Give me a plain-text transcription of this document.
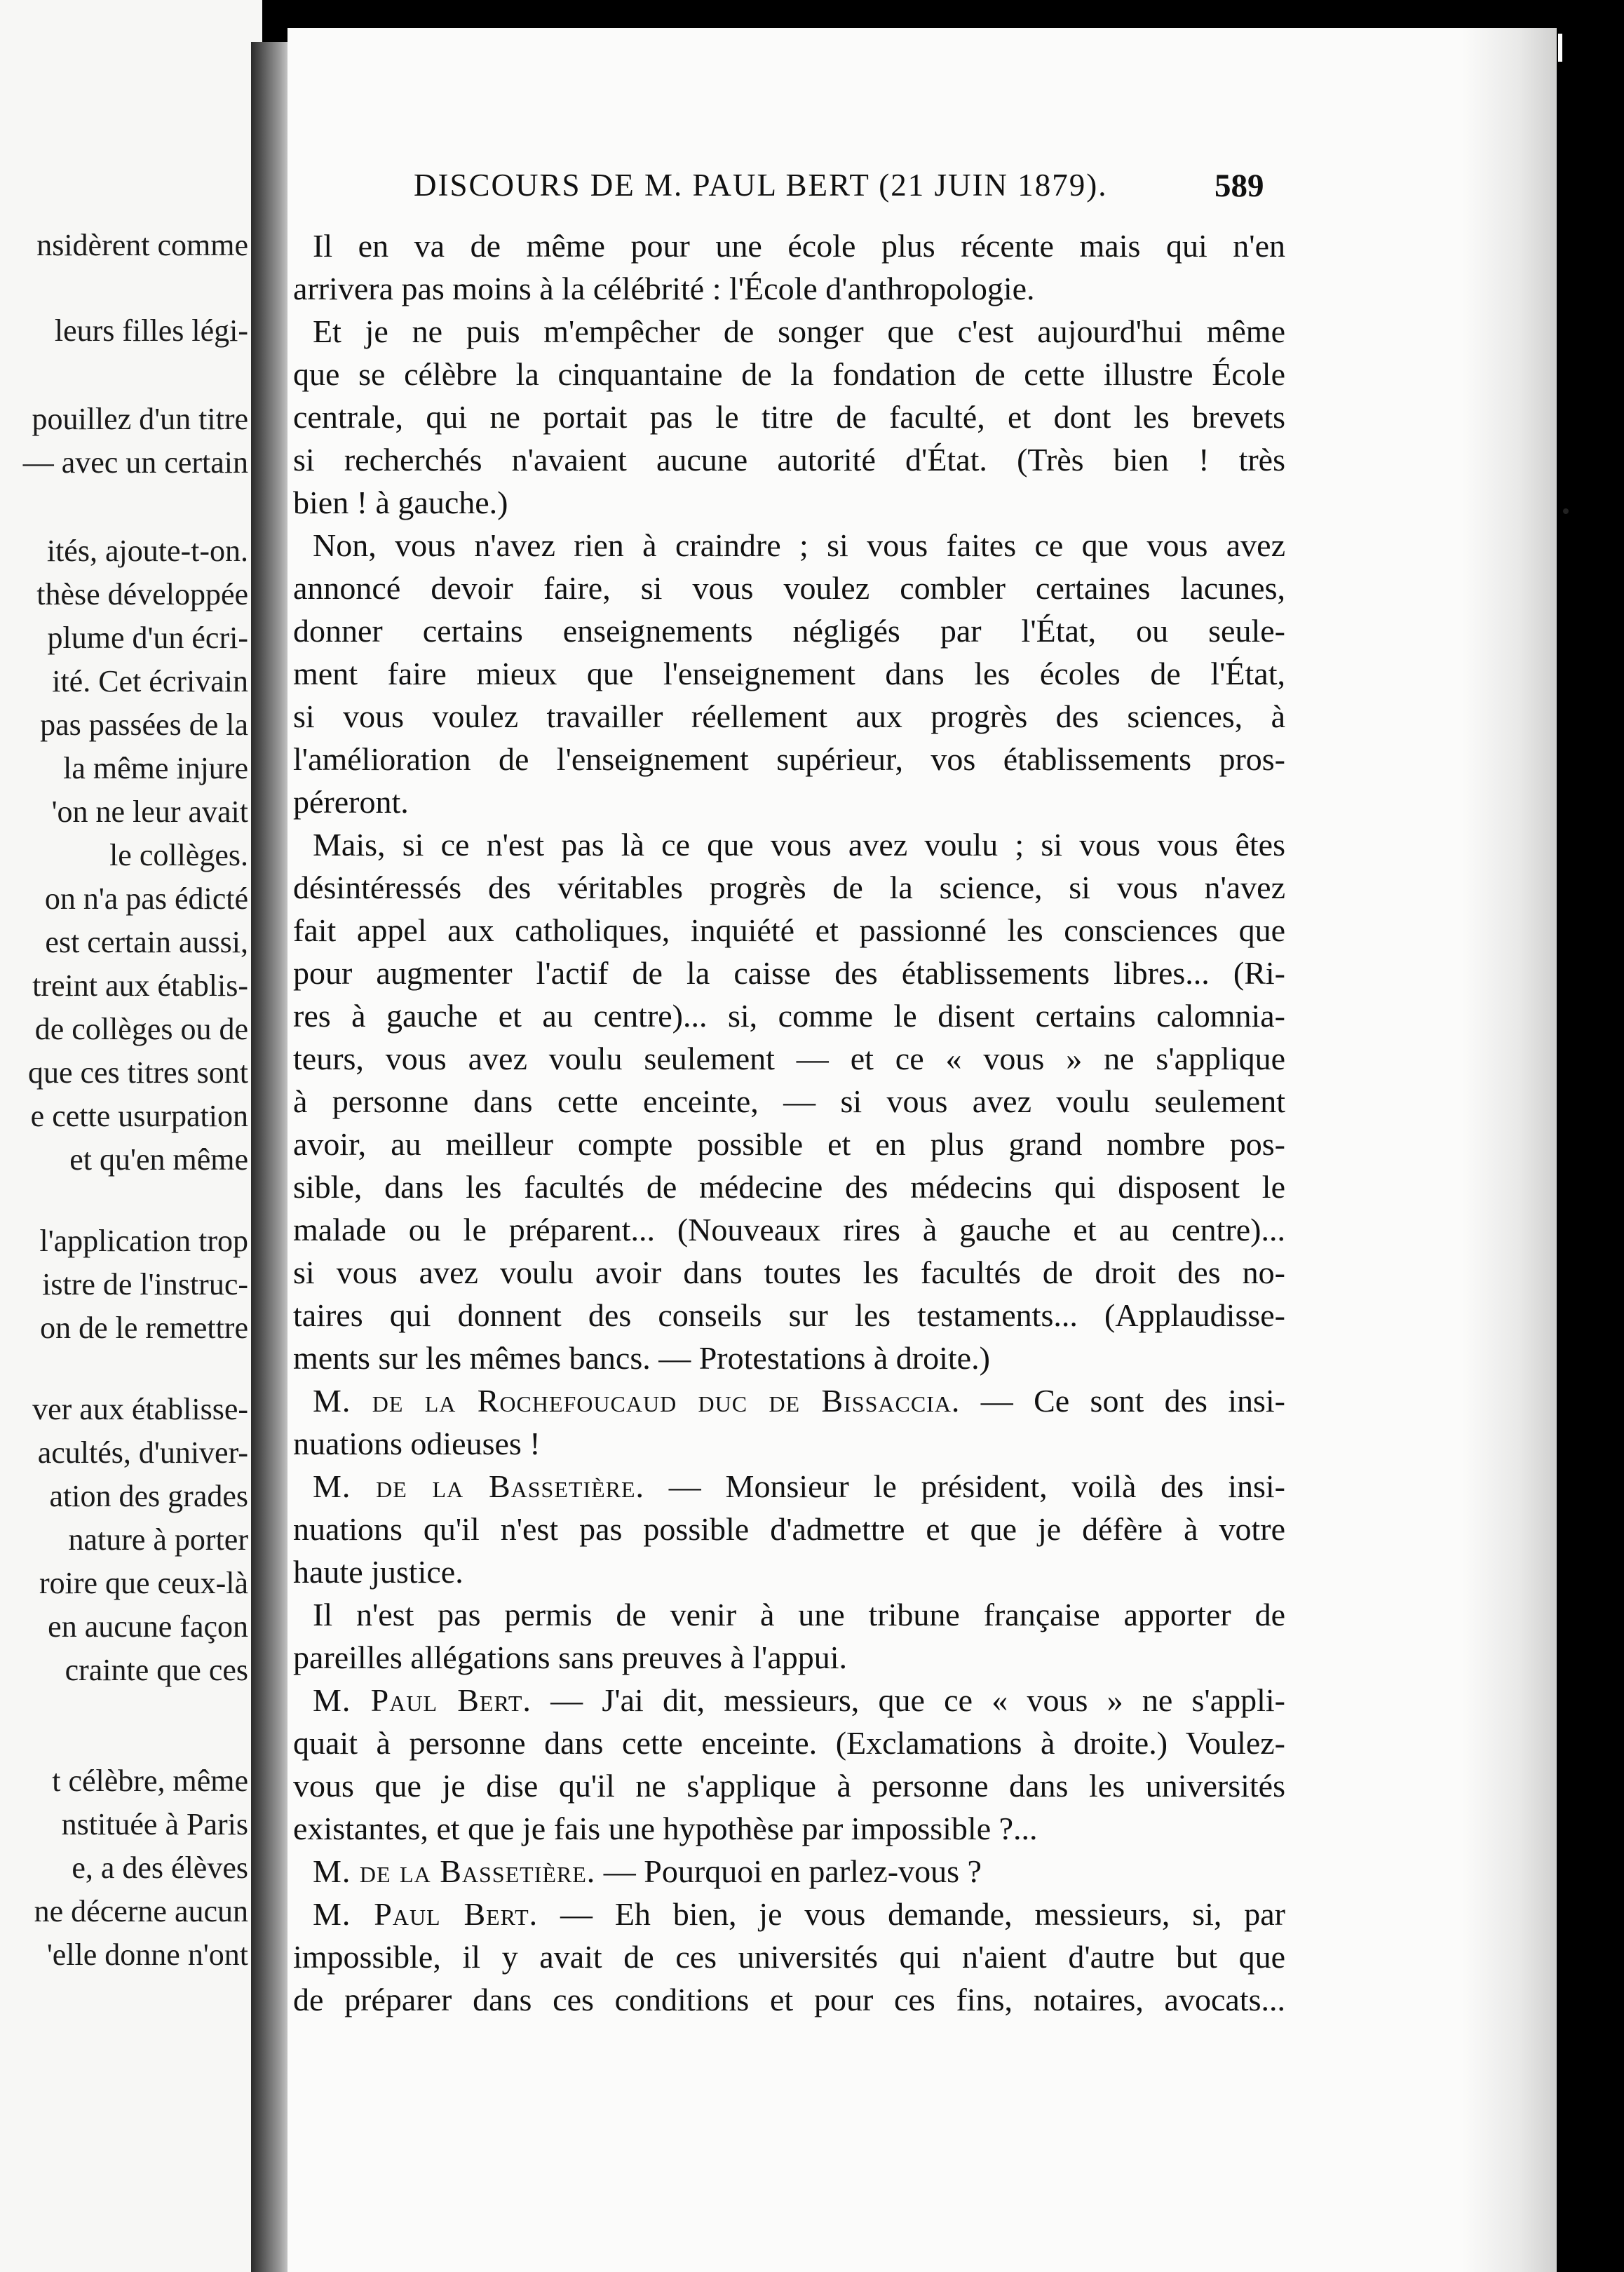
nsidèrent comme
leurs filles légi-
pouillez d'un titre
— avec un certain
ités, ajoute-t-on.
thèse développée
plume d'un écri-
ité. Cet écrivain
pas passées de la
la même injure
'on ne leur avait
le collèges.
on n'a pas édicté
est certain aussi,
treint aux établis-
de collèges ou de
que ces titres sont
e cette usurpation
et qu'en même
l'application trop
istre de l'instruc-
on de le remettre
ver aux établisse-
acultés, d'univer-
ation des grades
nature à porter
roire que ceux-là
en aucune façon
crainte que ces
t célèbre, même
nstituée à Paris
e, a des élèves
ne décerne aucun
'elle donne n'ont
DISCOURS DE M. PAUL BERT (21 JUIN 1879).	589
Il en va de même pour une école plus récente mais qui n'en
arrivera pas moins à la célébrité : l'École d'anthropologie.
Et je ne puis m'empêcher de songer que c'est aujourd'hui même
que se célèbre la cinquantaine de la fondation de cette illustre École
centrale, qui ne portait pas le titre de faculté, et dont les brevets
si recherchés n'avaient aucune autorité d'État. (Très bien ! très
bien ! à gauche.)
Non, vous n'avez rien à craindre ; si vous faites ce que vous avez
annoncé devoir faire, si vous voulez combler certaines lacunes,
donner certains enseignements négligés par l'État, ou seule-
ment faire mieux que l'enseignement dans les écoles de l'État,
si vous voulez travailler réellement aux progrès des sciences, à
l'amélioration de l'enseignement supérieur, vos établissements pros-
péreront.
Mais, si ce n'est pas là ce que vous avez voulu ; si vous vous êtes
désintéressés des véritables progrès de la science, si vous n'avez
fait appel aux catholiques, inquiété et passionné les consciences que
pour augmenter l'actif de la caisse des établissements libres... (Ri-
res à gauche et au centre)... si, comme le disent certains calomnia-
teurs, vous avez voulu seulement — et ce « vous » ne s'applique
à personne dans cette enceinte, — si vous avez voulu seulement
avoir, au meilleur compte possible et en plus grand nombre pos-
sible, dans les facultés de médecine des médecins qui disposent le
malade ou le préparent... (Nouveaux rires à gauche et au centre)...
si vous avez voulu avoir dans toutes les facultés de droit des no-
taires qui donnent des conseils sur les testaments... (Applaudisse-
ments sur les mêmes bancs. — Protestations à droite.)
M. de la Rochefoucaud duc de Bissaccia. — Ce sont des insi-
nuations odieuses !
M. de la Bassetière. — Monsieur le président, voilà des insi-
nuations qu'il n'est pas possible d'admettre et que je défère à votre
haute justice.
Il n'est pas permis de venir à une tribune française apporter de
pareilles allégations sans preuves à l'appui.
M. Paul Bert. — J'ai dit, messieurs, que ce « vous » ne s'appli-
quait à personne dans cette enceinte. (Exclamations à droite.) Voulez-
vous que je dise qu'il ne s'applique à personne dans les universités
existantes, et que je fais une hypothèse par impossible ?...
M. de la Bassetière. — Pourquoi en parlez-vous ?
M. Paul Bert. — Eh bien, je vous demande, messieurs, si, par
impossible, il y avait de ces universités qui n'aient d'autre but que
de préparer dans ces conditions et pour ces fins, notaires, avocats...
